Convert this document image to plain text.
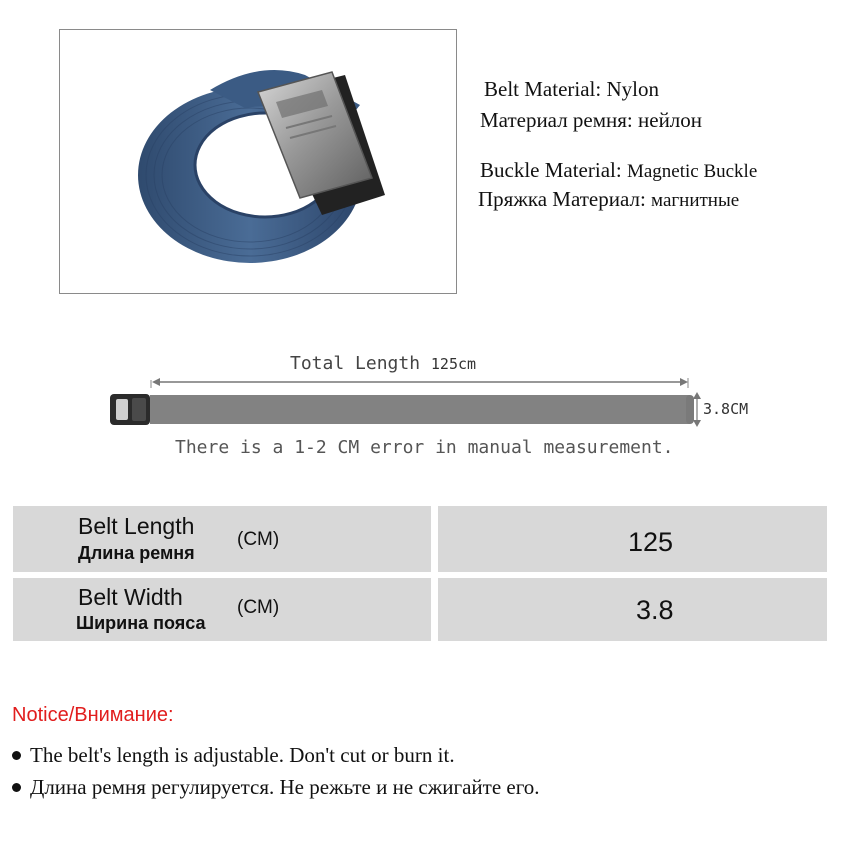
Belt Material: Nylon
Материал ремня: нейлон
Buckle Material: Magnetic Buckle
Пряжка Материал: магнитные
Total Length 125cm
3.8CM
There is a 1-2 CM error in manual measurement.
Belt Length
Длина ремня
(CM)	125
Belt Width
Ширина пояса
(CM)	3.8
Notice/Внимание:
The belt's length is adjustable. Don't cut or burn it.
Длина ремня регулируется. Не режьте и не сжигайте его.
